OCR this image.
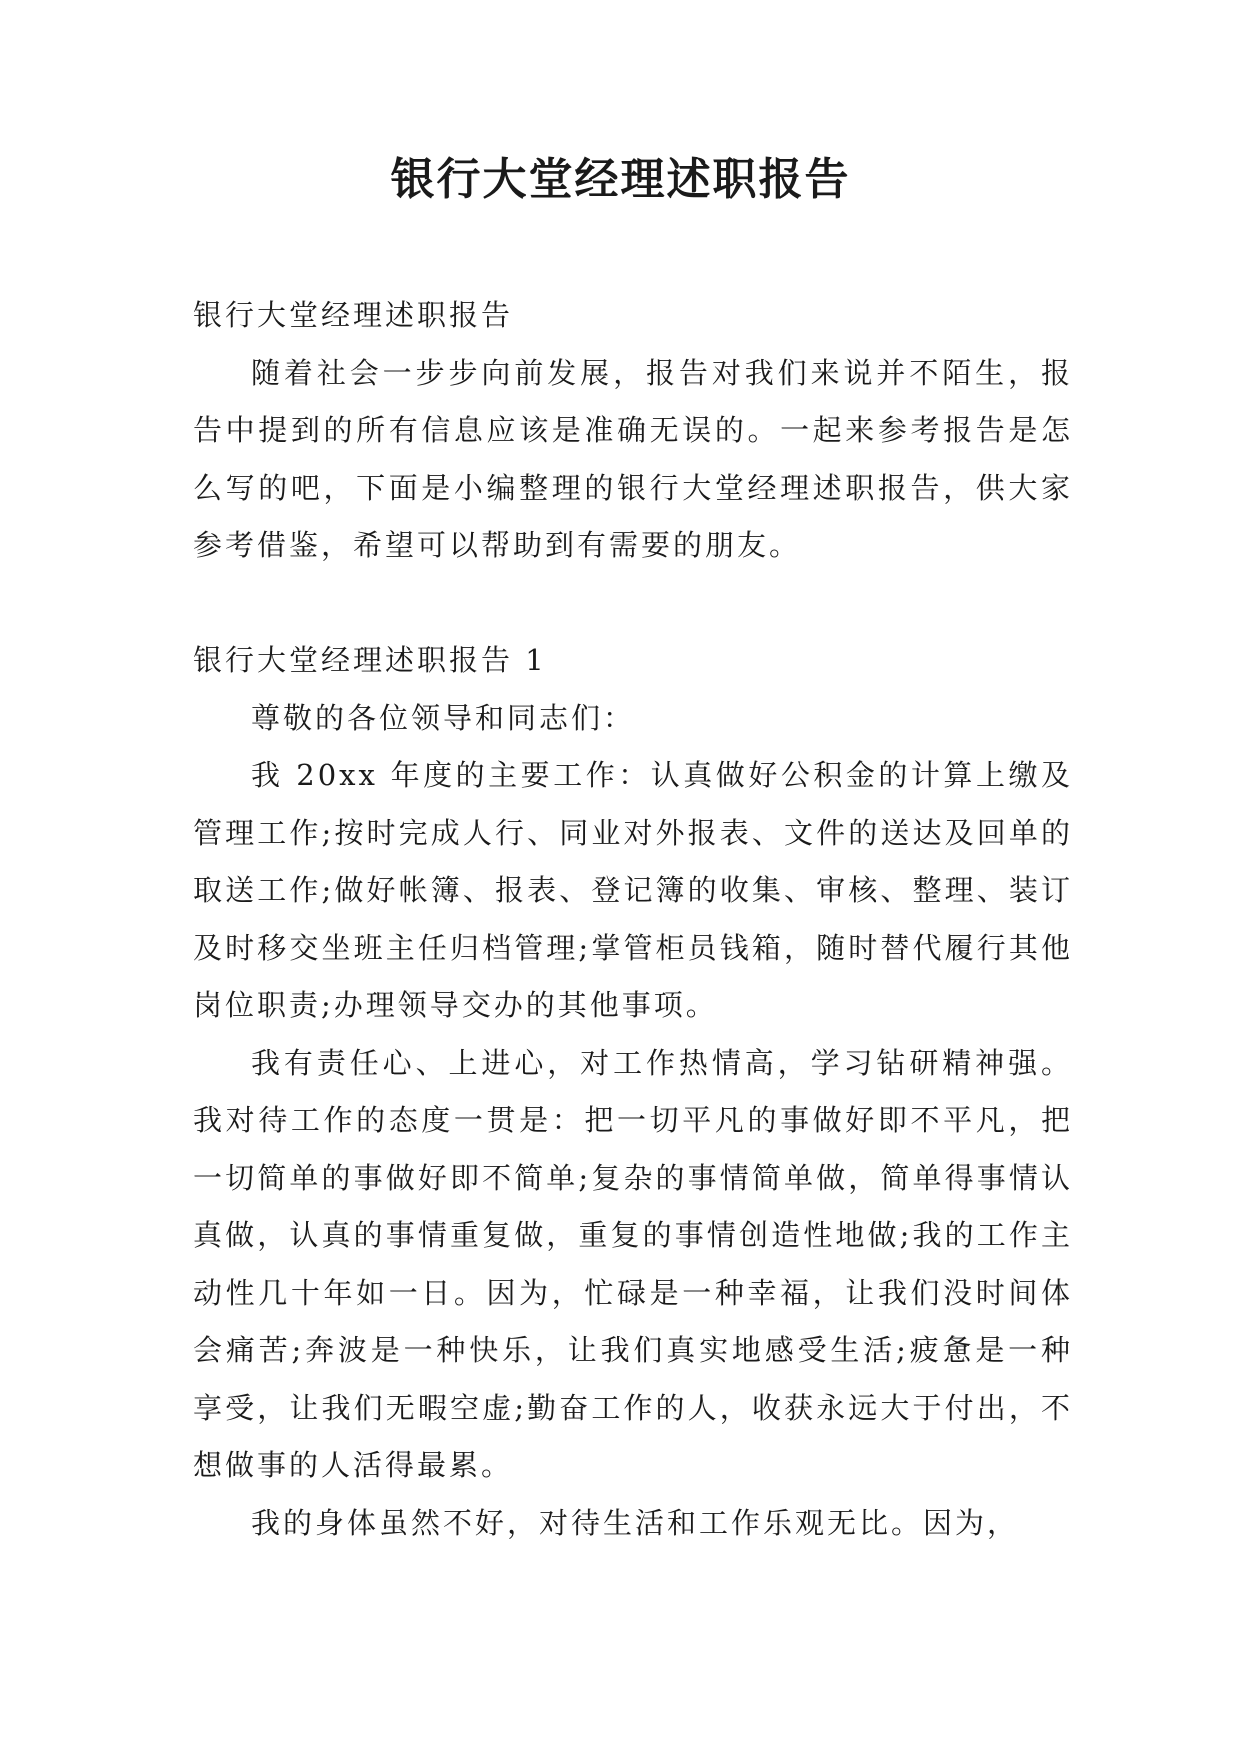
银行大堂经理述职报告

银行大堂经理述职报告

随着社会一步步向前发展，报告对我们来说并不陌生，报告中提到的所有信息应该是准确无误的。一起来参考报告是怎么写的吧，下面是小编整理的银行大堂经理述职报告，供大家参考借鉴，希望可以帮助到有需要的朋友。

银行大堂经理述职报告 1

尊敬的各位领导和同志们：

我 20xx 年度的主要工作：认真做好公积金的计算上缴及管理工作;按时完成人行、同业对外报表、文件的送达及回单的取送工作;做好帐簿、报表、登记簿的收集、审核、整理、装订及时移交坐班主任归档管理;掌管柜员钱箱，随时替代履行其他岗位职责;办理领导交办的其他事项。

我有责任心、上进心，对工作热情高，学习钻研精神强。我对待工作的态度一贯是：把一切平凡的事做好即不平凡，把一切简单的事做好即不简单;复杂的事情简单做，简单得事情认真做，认真的事情重复做，重复的事情创造性地做;我的工作主动性几十年如一日。因为，忙碌是一种幸福，让我们没时间体会痛苦;奔波是一种快乐，让我们真实地感受生活;疲惫是一种享受，让我们无暇空虚;勤奋工作的人，收获永远大于付出，不想做事的人活得最累。

我的身体虽然不好，对待生活和工作乐观无比。因为，
